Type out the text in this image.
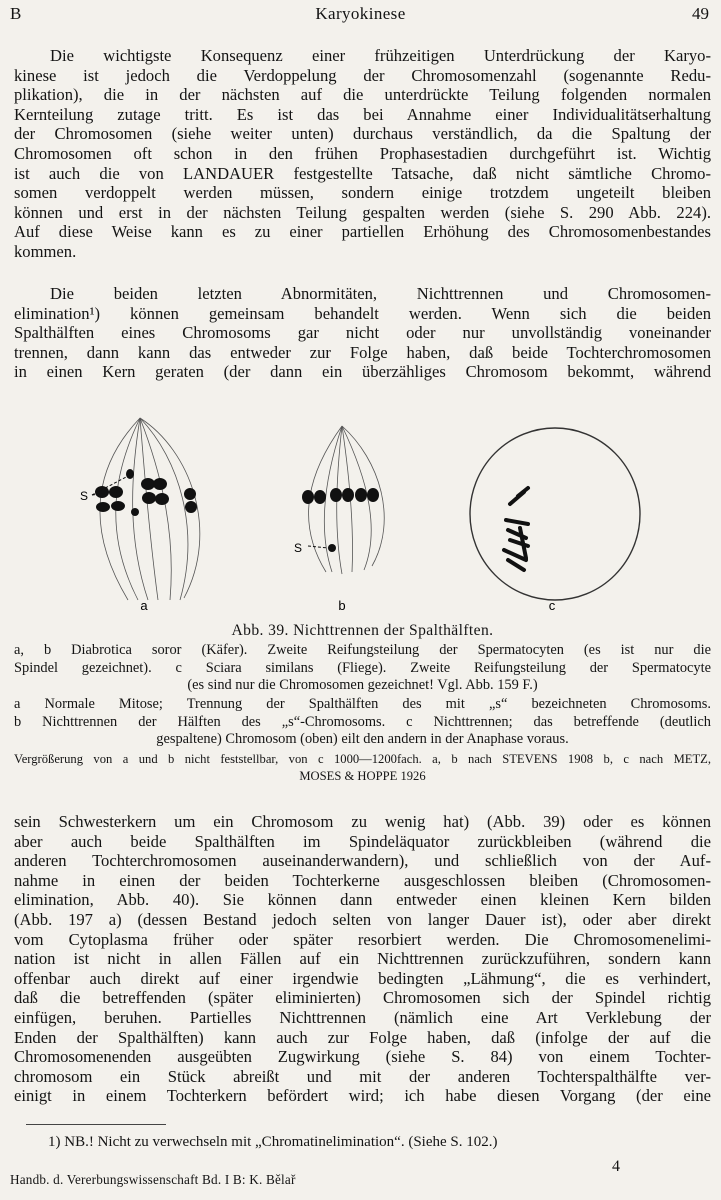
B	Karyokinese	49
Die wichtigste Konsequenz einer frühzeitigen Unterdrückung der Karyo-
kinese ist jedoch die Verdoppelung der Chromosomenzahl (sogenannte Redu-
plikation), die in der nächsten auf die unterdrückte Teilung folgenden normalen
Kernteilung zutage tritt. Es ist das bei Annahme einer Individualitätserhaltung
der Chromosomen (siehe weiter unten) durchaus verständlich, da die Spaltung der
Chromosomen oft schon in den frühen Prophasestadien durchgeführt ist. Wichtig
ist auch die von LANDAUER festgestellte Tatsache, daß nicht sämtliche Chromo-
somen verdoppelt werden müssen, sondern einige trotzdem ungeteilt bleiben
können und erst in der nächsten Teilung gespalten werden (siehe S. 290 Abb. 224).
Auf diese Weise kann es zu einer partiellen Erhöhung des Chromosomenbestandes
kommen.
Die beiden letzten Abnormitäten, Nichttrennen und Chromosomen-
elimination¹) können gemeinsam behandelt werden. Wenn sich die beiden
Spalthälften eines Chromosoms gar nicht oder nur unvollständig voneinander
trennen, dann kann das entweder zur Folge haben, daß beide Tochterchromosomen
in einen Kern geraten (der dann ein überzähliges Chromosom bekommt, während
S
S
a	b	c
Abb. 39. Nichttrennen der Spalthälften.
a, b Diabrotica soror (Käfer). Zweite Reifungsteilung der Spermatocyten (es ist nur die
Spindel gezeichnet). c Sciara similans (Fliege). Zweite Reifungsteilung der Spermatocyte
(es sind nur die Chromosomen gezeichnet! Vgl. Abb. 159 F.)
a Normale Mitose; Trennung der Spalthälften des mit „s“ bezeichneten Chromosoms.
b Nichttrennen der Hälften des „s“-Chromosoms. c Nichttrennen; das betreffende (deutlich
gespaltene) Chromosom (oben) eilt den andern in der Anaphase voraus.
Vergrößerung von a und b nicht feststellbar, von c 1000—1200fach. a, b nach STEVENS 1908 b, c nach METZ,
MOSES & HOPPE 1926
sein Schwesterkern um ein Chromosom zu wenig hat) (Abb. 39) oder es können
aber auch beide Spalthälften im Spindeläquator zurückbleiben (während die
anderen Tochterchromosomen auseinanderwandern), und schließlich von der Auf-
nahme in einen der beiden Tochterkerne ausgeschlossen bleiben (Chromosomen-
elimination, Abb. 40). Sie können dann entweder einen kleinen Kern bilden
(Abb. 197 a) (dessen Bestand jedoch selten von langer Dauer ist), oder aber direkt
vom Cytoplasma früher oder später resorbiert werden. Die Chromosomenelimi-
nation ist nicht in allen Fällen auf ein Nichttrennen zurückzuführen, sondern kann
offenbar auch direkt auf einer irgendwie bedingten „Lähmung“, die es verhindert,
daß die betreffenden (später eliminierten) Chromosomen sich der Spindel richtig
einfügen, beruhen. Partielles Nichttrennen (nämlich eine Art Verklebung der
Enden der Spalthälften) kann auch zur Folge haben, daß (infolge der auf die
Chromosomenenden ausgeübten Zugwirkung (siehe S. 84) von einem Tochter-
chromosom ein Stück abreißt und mit der anderen Tochterspalthälfte ver-
einigt in einem Tochterkern befördert wird; ich habe diesen Vorgang (der eine
1) NB.! Nicht zu verwechseln mit „Chromatinelimination“. (Siehe S. 102.)
4
Handb. d. Vererbungswissenschaft Bd. I B: K. Bělař
